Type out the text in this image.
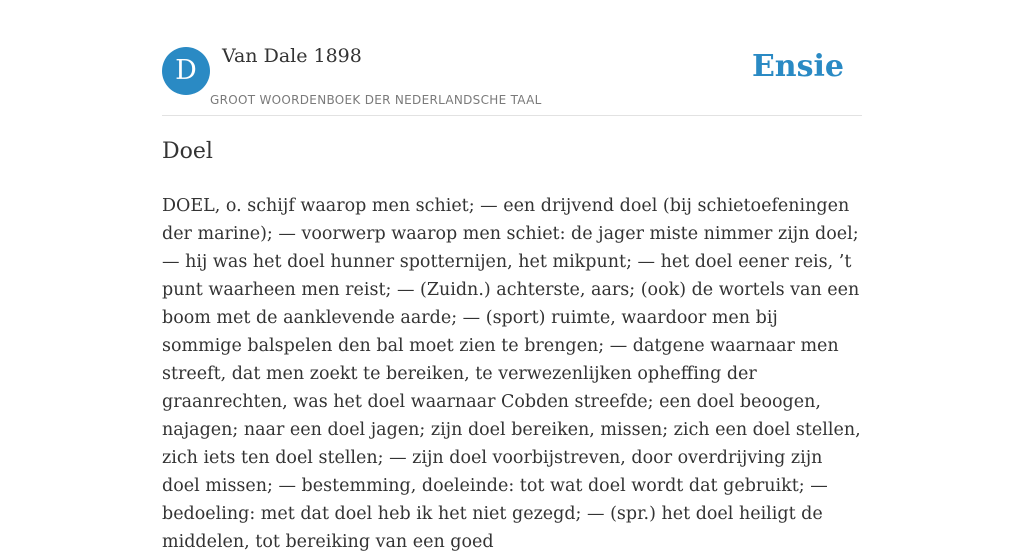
D	Van Dale 1898
GROOT WOORDENBOEK DER NEDERLANDSCHE TAAL
Ensie
Doel

DOEL, o. schijf waarop men schiet; — een drijvend doel (bij schietoefeningen der marine); — voorwerp waarop men schiet: de jager miste nimmer zijn doel; — hij was het doel hunner spotternijen, het mikpunt; — het doel eener reis, ’t punt waarheen men reist; — (Zuidn.) achterste, aars; (ook) de wortels van een boom met de aanklevende aarde; — (sport) ruimte, waardoor men bij sommige balspelen den bal moet zien te brengen; — datgene waarnaar men streeft, dat men zoekt te bereiken, te verwezenlijken opheffing der graanrechten, was het doel waarnaar Cobden streefde; een doel beoogen, najagen; naar een doel jagen; zijn doel bereiken, missen; zich een doel stellen, zich iets ten doel stellen; — zijn doel voorbijstreven, door overdrijving zijn doel missen; — bestemming, doeleinde: tot wat doel wordt dat gebruikt; — bedoeling: met dat doel heb ik het niet gezegd; — (spr.) het doel heiligt de middelen, tot bereiking van een goed
